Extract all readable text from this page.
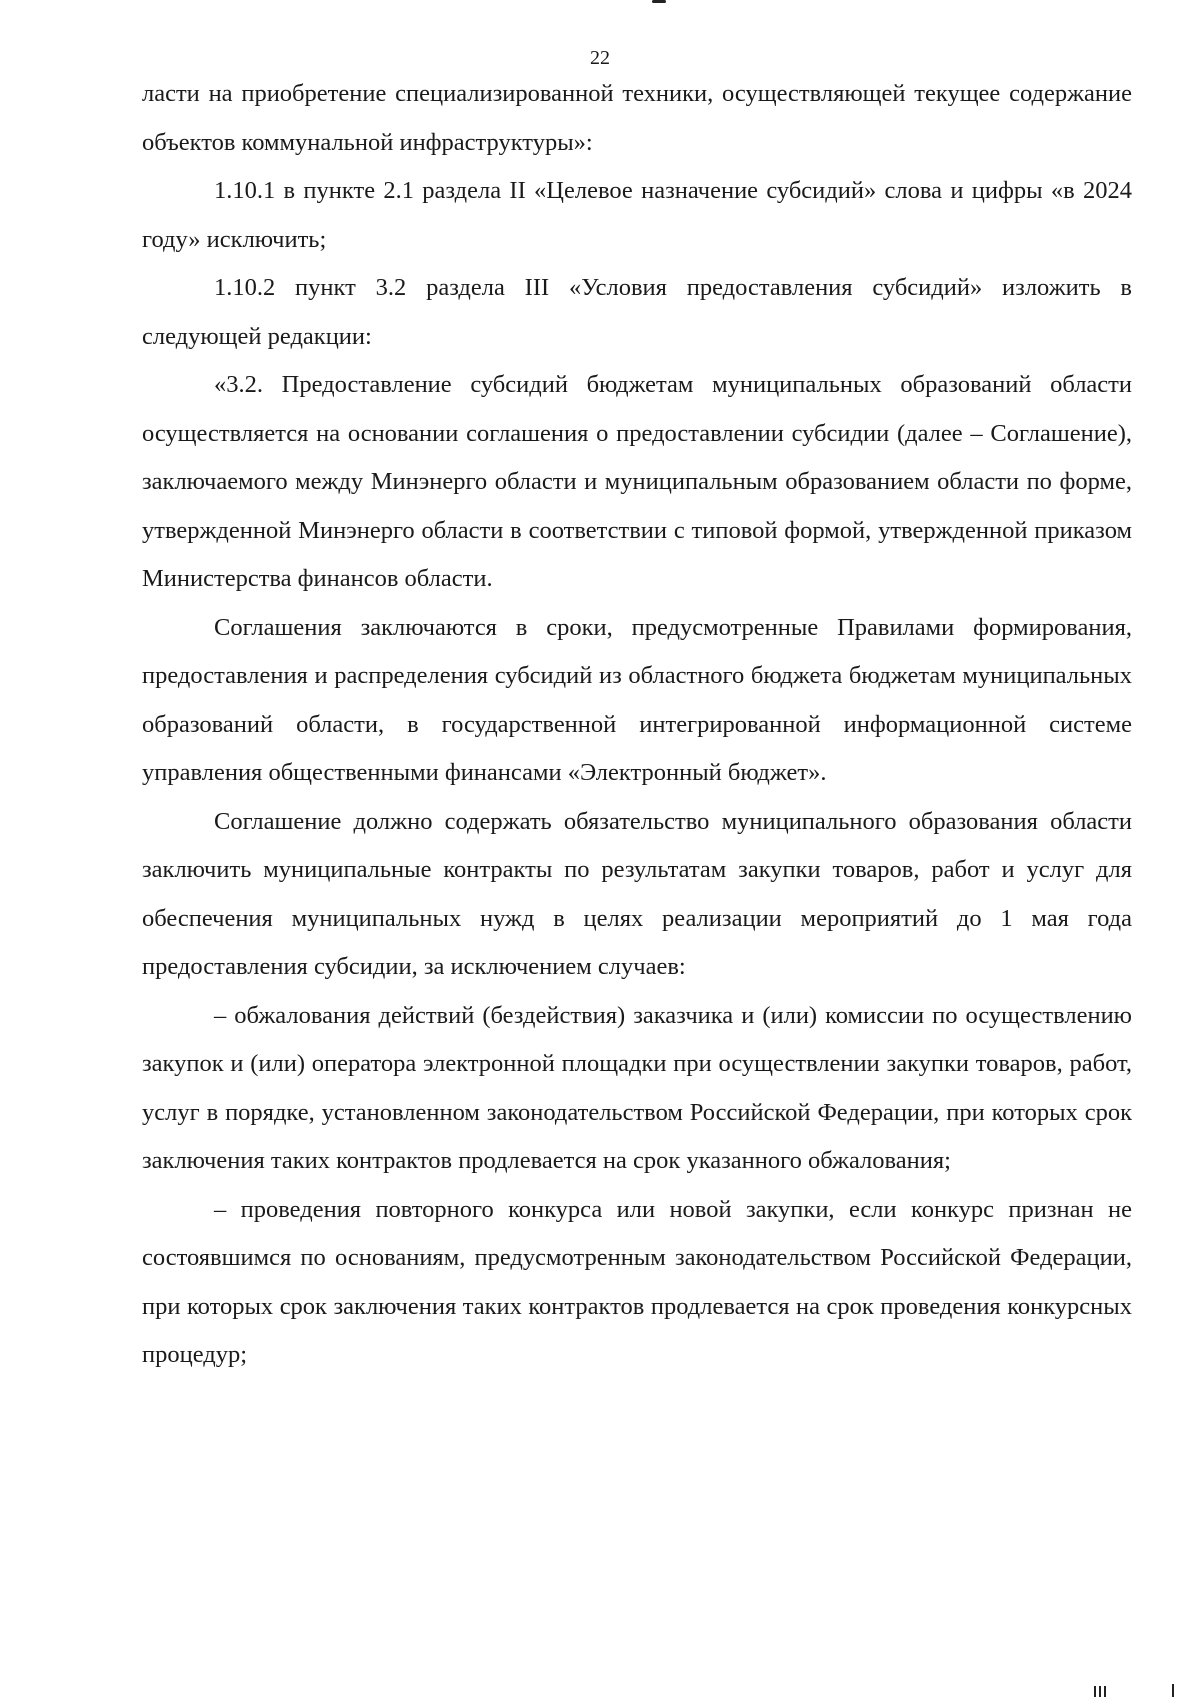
22

ласти на приобретение специализированной техники, осуществляющей текущее содержание объектов коммунальной инфраструктуры»:

1.10.1 в пункте 2.1 раздела II «Целевое назначение субсидий» слова и цифры «в 2024 году» исключить;

1.10.2 пункт 3.2 раздела III «Условия предоставления субсидий» изложить в следующей редакции:

«3.2. Предоставление субсидий бюджетам муниципальных образований области осуществляется на основании соглашения о предоставлении субсидии (далее – Соглашение), заключаемого между Минэнерго области и муниципальным образованием области по форме, утвержденной Минэнерго области в соответствии с типовой формой, утвержденной приказом Министерства финансов области.

Соглашения заключаются в сроки, предусмотренные Правилами формирования, предоставления и распределения субсидий из областного бюджета бюджетам муниципальных образований области, в государственной интегрированной информационной системе управления общественными финансами «Электронный бюджет».

Соглашение должно содержать обязательство муниципального образования области заключить муниципальные контракты по результатам закупки товаров, работ и услуг для обеспечения муниципальных нужд в целях реализации мероприятий до 1 мая года предоставления субсидии, за исключением случаев:

– обжалования действий (бездействия) заказчика и (или) комиссии по осуществлению закупок и (или) оператора электронной площадки при осуществлении закупки товаров, работ, услуг в порядке, установленном законодательством Российской Федерации, при которых срок заключения таких контрактов продлевается на срок указанного обжалования;

– проведения повторного конкурса или новой закупки, если конкурс признан не состоявшимся по основаниям, предусмотренным законодательством Российской Федерации, при которых срок заключения таких контрактов продлевается на срок проведения конкурсных процедур;
